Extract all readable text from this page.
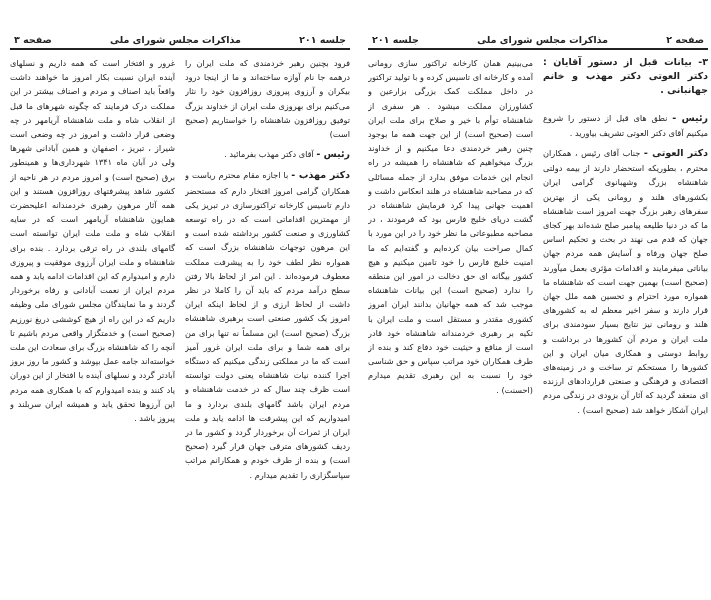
جلسه ۲۰۱
مذاکرات مجلس شورای ملی
صفحه ۳

فرود بچنین رهبر خردمندی که ملت ایران را درهمه جا نام آوازه ساخته‌اند و ما از اینجا درود بیکران و آرزوی پیروزی روزافزون خود را نثار می‌کنیم برای بهروزی ملت ایران از خداوند بزرگ توفیق روزافزون شاهنشاه را خواستاریم (صحیح است)

رئیس - آقای دکتر مهذب بفرمائید .

دکتر مهذب - با اجازه مقام محترم ریاست و همکاران گرامی امروز افتخار دارم که مستحضر دارم تاسیس کارخانه تراکتورسازی در تبریز یکی از مهمترین اقداماتی است که در راه توسعه کشاورزی و صنعت کشور برداشته شده است و این مرهون توجهات شاهنشاه بزرگ است که همواره نظر لطف خود را به پیشرفت مملکت معطوف فرموده‌اند . این امر از لحاظ بالا رفتن سطح درآمد مردم که باید آن را کاملا در نظر داشت از لحاظ ارزی و از لحاظ اینکه ایران امروز یک کشور صنعتی است برهبری شاهنشاه بزرگ (صحیح است) این مسلماً نه تنها برای من برای همه شما و برای ملت ایران غرور آمیز است که ما در مملکتی زندگی میکنیم که دستگاه اجرا کننده نیات شاهنشاه یعنی دولت توانسته است ظرف چند سال که در خدمت شاهنشاه و مردم ایران باشد گامهای بلندی بردارد و ما امیدواریم که این پیشرفت ها ادامه یابد و ملت ایران از ثمرات آن برخوردار گردد و کشور ما در ردیف کشورهای مترقی جهان قرار گیرد (صحیح است) و بنده از طرف خودم و همکارانم مراتب سپاسگزاری را تقدیم میدارم .

غرور و افتخار است که همه داریم و نسلهای آینده ایران نسبت بکار امروز ما خواهند داشت واقعاً باید اصناف و مردم و اصناف بیشتر در این مملکت درک فرمایند که چگونه شهرهای ما قبل از انقلاب شاه و ملت شاهنشاه آریامهر در چه وضعی قرار داشت و امروز در چه وضعی است شیراز ، تبریز ، اصفهان و همین آبادانی شهرها ولی در آبان ماه ۱۳۴۱ شهرداری‌ها و همینطور برق (صحیح است) و امروز مردم در هر ناحیه از کشور شاهد پیشرفتهای روزافزون هستند و این همه آثار مرهون رهبری خردمندانه اعلیحضرت همایون شاهنشاه آریامهر است که در سایه انقلاب شاه و ملت ملت ایران توانسته است گامهای بلندی در راه ترقی بردارد . بنده برای شاهنشاه و ملت ایران آرزوی موفقیت و پیروزی دارم و امیدوارم که این اقدامات ادامه یابد و همه مردم ایران از نعمت آبادانی و رفاه برخوردار گردند و ما نمایندگان مجلس شورای ملی وظیفه داریم که در این راه از هیچ کوششی دریغ نورزیم (صحیح است) و خدمتگزار واقعی مردم باشیم تا آنچه را که شاهنشاه بزرگ برای سعادت این ملت خواسته‌اند جامه عمل بپوشد و کشور ما روز بروز آبادتر گردد و نسلهای آینده با افتخار از این دوران یاد کنند و بنده امیدوارم که با همکاری همه مردم این آرزوها تحقق یابد و همیشه ایران سربلند و پیروز باشد .

صفحه ۲
مذاکرات مجلس شورای ملی
جلسه ۲۰۱

۳- بیانات قبل از دستور آقایان : دکتر العوتی دکتر مهذب و خانم جهانبانی .

رئیس - نطق های قبل از دستور را شروع میکنیم آقای دکتر العوتی تشریف بیاورید .

دکتر العوتی - جناب آقای رئیس ، همکاران محترم ، بطوریکه استحضار دارند از بیمه دولتی شاهنشاه بزرگ وشهبانوی گرامی ایران بکشورهای هلند و رومانی یکی از بهترین سفرهای رهبر بزرگ جهت امروز است شاهنشاه ما که در دنیا طلیعه پیامبر صلح شده‌اند بهر کجای جهان که قدم می نهند در بحث و تحکیم اساس صلح جهان ورفاه و آسایش همه مردم جهان بیاناتی میفرمایند و اقدامات مؤثری بعمل میآورند (صحیح است) بهمین جهت است که شاهنشاه ما همواره مورد احترام و تحسین همه ملل جهان قرار دارند و سفر اخیر معظم له به کشورهای هلند و رومانی نیز نتایج بسیار سودمندی برای ملت ایران و مردم آن کشورها در برداشت و روابط دوستی و همکاری میان ایران و این کشورها را مستحکم تر ساخت و در زمینه‌های اقتصادی و فرهنگی و صنعتی قراردادهای ارزنده ای منعقد گردید که آثار آن بزودی در زندگی مردم ایران آشکار خواهد شد (صحیح است) .

می‌بینیم همان کارخانه تراکتور سازی رومانی آمده و کارخانه ای تاسیس کرده و با تولید تراکتور در داخل مملکت کمک بزرگی بزارعین و کشاورزان مملکت میشود . هر سفری از شاهنشاه توأم با خیر و صلاح برای ملت ایران است (صحیح است) از این جهت همه ما بوجود چنین رهبر خردمندی دعا میکنیم و از خداوند بزرگ میخواهیم که شاهنشاه را همیشه در راه انجام این خدمات موفق بدارد از جمله مسائلی که در مصاحبه شاهنشاه در هلند انعکاس داشت و اهمیت جهانی پیدا کرد فرمایش شاهنشاه در گشت دریای خلیج فارس بود که فرمودند ، در مصاحبه مطبوعاتی ما نظر خود را در این مورد با کمال صراحت بیان کرده‌ایم و گفته‌ایم که ما امنیت خلیج فارس را خود تامین میکنیم و هیچ کشور بیگانه ای حق دخالت در امور این منطقه را ندارد (صحیح است) این بیانات شاهنشاه موجب شد که همه جهانیان بدانند ایران امروز کشوری مقتدر و مستقل است و ملت ایران با تکیه بر رهبری خردمندانه شاهنشاه خود قادر است از منافع و حیثیت خود دفاع کند و بنده از طرف همکاران خود مراتب سپاس و حق شناسی خود را نسبت به این رهبری تقدیم میدارم (احسنت) .
